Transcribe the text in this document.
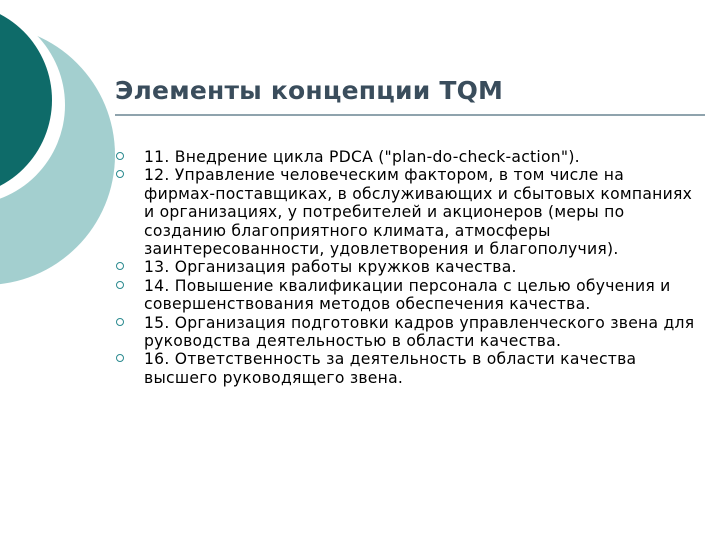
Элементы концепции TQM
11. Внедрение цикла PDCA ("plan-do-check-action").
12. Управление человеческим фактором, в том числе на фирмах-поставщиках, в обслуживающих и сбытовых компаниях и организациях, у потребителей и акционеров (меры по созданию благоприятного климата, атмосферы заинтересованности, удовлетворения и благополучия).
13. Организация работы кружков качества.
14. Повышение квалификации персонала с целью обучения и совершенствования методов обеспечения качества.
15. Организация подготовки кадров управленческого звена для руководства деятельностью в области качества.
16. Ответственность за деятельность в области качества высшего руководящего звена.
